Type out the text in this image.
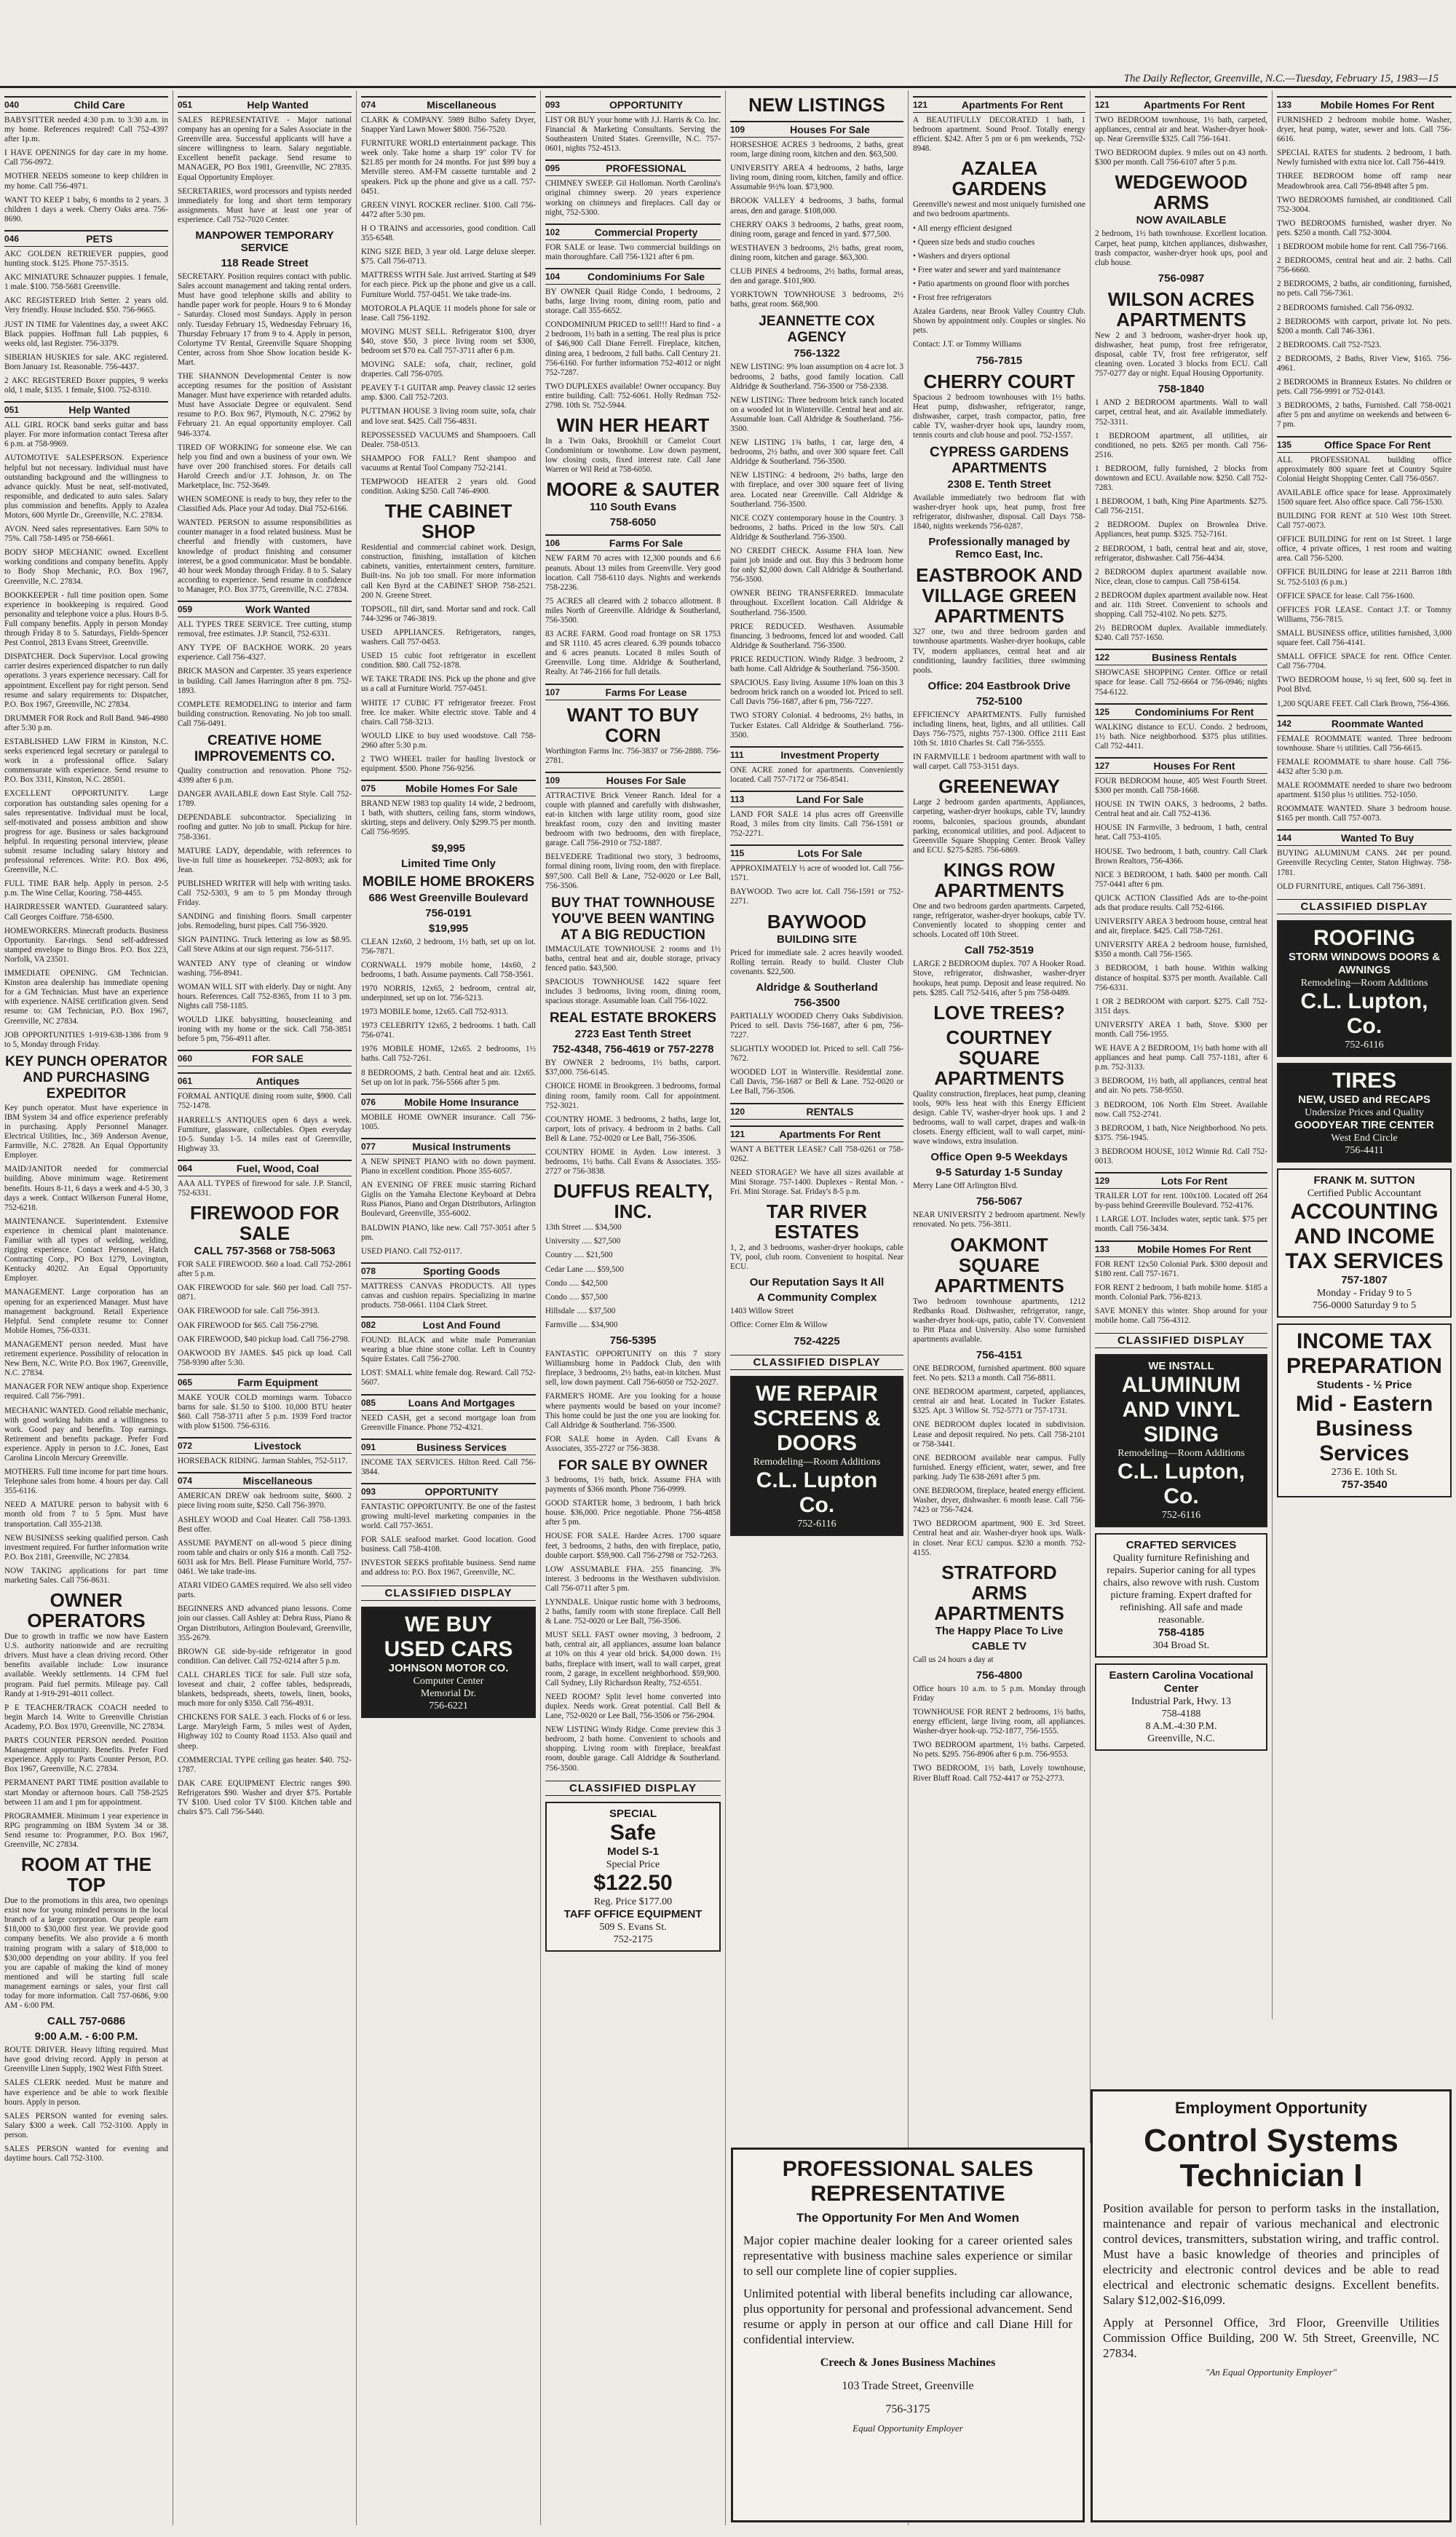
The Daily Reflector, Greenville, N.C.—Tuesday, February 15, 1983—15
040	Child Care
BABYSITTER needed 4:30 p.m. to 3:30 a.m. in my home. References required! Call 752-4397 after 1p.m.
I HAVE OPENINGS for day care in my home. Call 756-0972.
MOTHER NEEDS someone to keep children in my home. Call 756-4971.
WANT TO KEEP 1 baby, 6 months to 2 years. 3 children 1 days a week. Cherry Oaks area. 756-8690.
046	PETS
AKC GOLDEN RETRIEVER puppies, good hunting stock. $125. Phone 757-3515.
AKC MINIATURE Schnauzer puppies. 1 female, 1 male. $100. 758-5681 Greenville.
AKC REGISTERED Irish Setter. 2 years old. Very friendly. House included. $50. 756-9665.
JUST IN TIME for Valentines day, a sweet AKC Black puppies. Hoffman full Lab puppies, 6 weeks old, last Register. 756-3379.
SIBERIAN HUSKIES for sale. AKC registered. Born January 1st. Reasonable. 756-4437.
2 AKC REGISTERED Boxer puppies, 9 weeks old, 1 male, $135. 1 female, $100. 752-8310.
051	Help Wanted
ALL GIRL ROCK band seeks guitar and bass player. For more information contact Teresa after 6 p.m. at 758-9969.
AUTOMOTIVE SALESPERSON. Experience helpful but not necessary. Individual must have outstanding background and the willingness to advance quickly. Must be neat, self-motivated, responsible, and dedicated to auto sales. Salary plus commission and benefits. Apply to Azalea Motors, 600 Myrtle Dr., Greenville, N.C. 27834.
AVON. Need sales representatives. Earn 50% to 75%. Call 758-1495 or 758-6661.
BODY SHOP MECHANIC owned. Excellent working conditions and company benefits. Apply to Body Shop Mechanic, P.O. Box 1967, Greenville, N.C. 27834.
BOOKKEEPER - full time position open. Some experience in bookkeeping is required. Good personality and telephone voice a plus. Hours 8-5. Full company benefits. Apply in person Monday through Friday 8 to 5. Saturdays, Fields-Spencer Pest Control, 2813 Evans Street, Greenville.
DISPATCHER. Dock Supervisor. Local growing carrier desires experienced dispatcher to run daily operations. 3 years experience necessary. Call for appointment. Excellent pay for right person. Send resume and salary requirements to: Dispatcher, P.O. Box 1967, Greenville, NC 27834.
DRUMMER FOR Rock and Roll Band. 946-4980 after 5:30 p.m.
ESTABLISHED LAW FIRM in Kinston, N.C. seeks experienced legal secretary or paralegal to work in a professional office. Salary commensurate with experience. Send resume to P.O. Box 3311, Kinston, N.C. 28501.
EXCELLENT OPPORTUNITY. Large corporation has outstanding sales opening for a sales representative. Individual must be local, self-motivated and possess ambition and show progress for age. Business or sales background helpful. In requesting personal interview, please submit resume including salary history and professional references. Write: P.O. Box 496, Greenville, N.C.
FULL TIME BAR help. Apply in person. 2-5 p.m. The Wine Cellar, Kooring. 758-4455.
HAIRDRESSER WANTED. Guaranteed salary. Call Georges Coiffure. 758-6500.
HOMEWORKERS. Minecraft products. Business Opportunity. Ear-rings. Send self-addressed stamped envelope to Bingo Bros. P.O. Box 223, Norfolk, VA 23501.
IMMEDIATE OPENING. GM Technician. Kinston area dealership has immediate opening for a GM Technician. Must have an experience with experience. NAISE certification given. Send resume to: GM Technician, P.O. Box 1967, Greenville, NC 27834.
JOB OPPORTUNITIES 1-919-638-1386 from 9 to 5, Monday through Friday.
KEY PUNCH OPERATOR AND PURCHASING EXPEDITOR
Key punch operator. Must have experience in IBM System 34 and office experience preferably in purchasing. Apply Personnel Manager. Electrical Utilities, Inc., 369 Anderson Avenue, Farmville, N.C. 27828. An Equal Opportunity Employer.
MAID/JANITOR needed for commercial building. Above minimum wage. Retirement benefits. Hours 8-11, 6 days a week and 4-5 30, 3 days a week. Contact Wilkerson Funeral Home, 752-6218.
MAINTENANCE. Superintendent. Extensive experience in chemical plant maintenance. Familiar with all types of welding, welding, rigging experience. Contact Personnel, Hatch Contracting Corp., PO Box 1279, Lovington, Kentucky 40202. An Equal Opportunity Employer.
MANAGEMENT. Large corporation has an opening for an experienced Manager. Must have management background. Retail Experience Helpful. Send complete resume to: Conner Mobile Homes, 756-0331.
MANAGEMENT person needed. Must have retirement experience. Possibility of relocation in New Bern, N.C. Write P.O. Box 1967, Greenville, N.C. 27834.
MANAGER FOR NEW antique shop. Experience required. Call 756-7991.
MECHANIC WANTED. Good reliable mechanic, with good working habits and a willingness to work. Good pay and benefits. Top earnings. Retirement and benefits package. Prefer Ford experience. Apply in person to J.C. Jones, East Carolina Lincoln Mercury Greenville.
MOTHERS. Full time income for part time hours. Telephone sales from home. 4 hours per day. Call 355-6116.
NEED A MATURE person to babysit with 6 month old from 7 to 5 5pm. Must have transportation. Call 355-2138.
NEW BUSINESS seeking qualified person. Cash investment required. For further information write P.O. Box 2181, Greenville, NC 27834.
NOW TAKING applications for part time marketing Sales. Call 756-8631.
OWNER OPERATORS
Due to growth in traffic we now have Eastern U.S. authority nationwide and are recruiting drivers. Must have a clean driving record. Other benefits available include: Low insurance available. Weekly settlements. 14 CFM fuel program. Paid fuel permits. Mileage pay. Call Randy at 1-919-291-4011 collect.
P E TEACHER/TRACK COACH needed to begin March 14. Write to Greenville Christian Academy, P.O. Box 1970, Greenville, NC 27834.
PARTS COUNTER PERSON needed. Position Management opportunity. Benefits. Prefer Ford experience. Apply to: Parts Counter Person, P.O. Box 1967, Greenville, N.C. 27834.
PERMANENT PART TIME position available to start Monday or afternoon hours. Call 758-2525 between 11 am and 1 pm for appointment.
PROGRAMMER. Minimum 1 year experience in RPG programming on IBM System 34 or 38. Send resume to: Programmer, P.O. Box 1967, Greenville, NC 27834.
ROOM AT THE TOP
Due to the promotions in this area, two openings exist now for young minded persons in the local branch of a large corporation. Our people earn $18,000 to $30,000 first year. We provide good company benefits. We also provide a 6 month training program with a salary of $18,000 to $30,000 depending on your ability. If you feel you are capable of making the kind of money mentioned and will be starting full scale management earnings or sales, your first call today for more information. Call 757-0686, 9:00 AM - 6:00 PM.
CALL 757-0686
9:00 A.M. - 6:00 P.M.
ROUTE DRIVER. Heavy lifting required. Must have good driving record. Apply in person at Greenville Linen Supply, 1902 West Fifth Street.
SALES CLERK needed. Must be mature and have experience and be able to work flexible hours. Apply in person.
SALES PERSON wanted for evening sales. Salary $300 a week. Call 752-3100. Apply in person.
SALES PERSON wanted for evening and daytime hours. Call 752-3100.
051	Help Wanted
SALES REPRESENTATIVE - Major national company has an opening for a Sales Associate in the Greenville area. Successful applicants will have a sincere willingness to learn. Salary negotiable. Excellent benefit package. Send resume to MANAGER, PO Box 1981, Greenville, NC 27835. Equal Opportunity Employer.
SECRETARIES, word processors and typists needed immediately for long and short term temporary assignments. Must have at least one year of experience. Call 752-7020 Center.
MANPOWER TEMPORARY SERVICE
118 Reade Street
SECRETARY. Position requires contact with public. Sales account management and taking rental orders. Must have good telephone skills and ability to handle paper work for people. Hours 9 to 6 Monday - Saturday. Closed most Sundays. Apply in person only. Tuesday February 15, Wednesday February 16, Thursday February 17 from 9 to 4. Apply in person, Colortyme TV Rental, Greenville Square Shopping Center, across from Shoe Show location beside K-Mart.
THE SHANNON Developmental Center is now accepting resumes for the position of Assistant Manager. Must have experience with retarded adults. Must have Associate Degree or equivalent. Send resume to P.O. Box 967, Plymouth, N.C. 27962 by February 21. An equal opportunity employer. Call 946-3374.
TIRED OF WORKING for someone else. We can help you find and own a business of your own. We have over 200 franchised stores. For details call Harold Creech and/or J.T. Johnson, Jr. on The Marketplace, Inc. 752-3649.
WHEN SOMEONE is ready to buy, they refer to the Classified Ads. Place your Ad today. Dial 752-6166.
WANTED. PERSON to assume responsibilities as counter manager in a food related business. Must be cheerful and friendly with customers, have knowledge of product finishing and consumer interest, be a good communicator. Must be bondable. 40 hour week Monday through Friday. 8 to 5. Salary according to experience. Send resume in confidence to Manager, P.O. Box 3775, Greenville, N.C. 27834.
059	Work Wanted
ALL TYPES TREE SERVICE. Tree cutting, stump removal, free estimates. J.P. Stancil, 752-6331.
ANY TYPE OF BACKHOE WORK. 20 years experience. Call 756-4327.
BRICK MASON and Carpenter. 35 years experience in building. Call James Harrington after 8 pm. 752-1893.
COMPLETE REMODELING to interior and farm building construction. Renovating. No job too small. Call 756-0491.
CREATIVE HOME IMPROVEMENTS CO.
Quality construction and renovation. Phone 752-4399 after 6 p.m.
DANGER AVAILABLE down East Style. Call 752-1789.
DEPENDABLE subcontractor. Specializing in roofing and gutter. No job to small. Pickup for hire. 758-3361.
MATURE LADY, dependable, with references to live-in full time as housekeeper. 752-8093; ask for Jean.
PUBLISHED WRITER will help with writing tasks. Call 752-5303, 9 am to 5 pm Monday through Friday.
SANDING and finishing floors. Small carpenter jobs. Remodeling, burst pipes. Call 756-3920.
SIGN PAINTING. Truck lettering as low as $8.95. Call Steve Atkins at our sign request. 756-5117.
WANTED ANY type of cleaning or window washing. 756-8941.
WOMAN WILL SIT with elderly. Day or night. Any hours. References. Call 752-8365, from 11 to 3 pm. Nights call 758-1185.
WOULD LIKE babysitting, housecleaning and ironing with my home or the sick. Call 758-3851 before 5 pm, 756-4911 after.
060	FOR SALE
061	Antiques
FORMAL ANTIQUE dining room suite, $900. Call 752-1478.
HARRELL'S ANTIQUES open 6 days a week. Furniture, glassware, collectables. Open everyday 10-5. Sunday 1-5. 14 miles east of Greenville, Highway 33.
064	Fuel, Wood, Coal
AAA ALL TYPES of firewood for sale. J.P. Stancil, 752-6331.
FIREWOOD FOR SALE
CALL 757-3568 or 758-5063
FOR SALE FIREWOOD. $60 a load. Call 752-2861 after 5 p.m.
OAK FIREWOOD for sale. $60 per load. Call 757-0871.
OAK FIREWOOD for sale. Call 756-3913.
OAK FIREWOOD for $65. Call 756-2798.
OAK FIREWOOD, $40 pickup load. Call 756-2798.
OAKWOOD BY JAMES. $45 pick up load. Call 758-9390 after 5:30.
065	Farm Equipment
MAKE YOUR COLD mornings warm. Tobacco barns for sale. $1.50 to $100. 10,000 BTU heater $60. Call 758-3711 after 5 p.m. 1939 Ford tractor with plow $1500. 756-6316.
072	Livestock
HORSEBACK RIDING. Jarman Stables, 752-5117.
074	Miscellaneous
AMERICAN DREW oak bedroom suite, $600. 2 piece living room suite, $250. Call 756-3970.
ASHLEY WOOD and Coal Heater. Call 758-1393. Best offer.
ASSUME PAYMENT on all-wood 5 piece dining room table and chairs or only $16 a month. Call 752-6031 ask for Mrs. Bell. Please Furniture World, 757-0461. We take trade-ins.
ATARI VIDEO GAMES required. We also sell video parts.
BEGINNERS AND advanced piano lessons. Come join our classes. Call Ashley at: Debra Russ, Piano & Organ Distributors, Arlington Boulevard, Greenville, 355-2679.
BROWN GE side-by-side refrigerator in good condition. Can deliver. Call 752-0214 after 5 p.m.
CALL CHARLES TICE for sale. Full size sofa, loveseat and chair, 2 coffee tables, bedspreads, blankets, bedspreads, sheets, towels, linen, books, much more for only $350. Call 756-4931.
CHICKENS FOR SALE. 3 each. Flocks of 6 or less. Large. Maryleigh Farm, 5 miles west of Ayden, Highway 102 to County Road 1153. Also quail and sheep.
COMMERCIAL TYPE ceiling gas heater. $40. 752-1787.
DAK CARE EQUIPMENT Electric ranges $90. Refrigerators $90. Washer and dryer $75. Portable TV $100. Used color TV $100. Kitchen table and chairs $75. Call 756-5440.
074	Miscellaneous
CLARK & COMPANY. 5989 Bilbo Safety Dryer, Snapper Yard Lawn Mower $800. 756-7520.
FURNITURE WORLD entertainment package. This week only. Take home a sharp 19" color TV for $21.85 per month for 24 months. For just $99 buy a Metville stereo. AM-FM cassette turntable and 2 speakers. Pick up the phone and give us a call. 757-0451.
GREEN VINYL ROCKER recliner. $100. Call 756-4472 after 5:30 pm.
H O TRAINS and accessories, good condition. Call 355-6548.
KING SIZE BED, 3 year old. Large deluxe sleeper. $75. Call 756-0713.
MATTRESS WITH Sale. Just arrived. Starting at $49 for each piece. Pick up the phone and give us a call. Furniture World. 757-0451. We take trade-ins.
MOTOROLA PLAQUE 11 models phone for sale or lease. Call 756-1192.
MOVING MUST SELL. Refrigerator $100, dryer $40, stove $50, 3 piece living room set $300, bedroom set $70 ea. Call 757-3711 after 6 p.m.
MOVING SALE: sofa, chair, recliner, gold draperies. Call 756-0705.
PEAVEY T-1 GUITAR amp. Peavey classic 12 series amp. $300. Call 752-7203.
PUTTMAN HOUSE 3 living room suite, sofa, chair and love seat. $425. Call 756-4831.
REPOSSESSED VACUUMS and Shampooers. Call Dealer. 758-0513.
SHAMPOO FOR FALL? Rent shampoo and vacuums at Rental Tool Company 752-2141.
TEMPWOOD HEATER 2 years old. Good condition. Asking $250. Call 746-4900.
THE CABINET SHOP
Residential and commercial cabinet work. Design, construction, finishing, installation of kitchen cabinets, vanities, entertainment centers, furniture. Built-ins. No job too small. For more information call Ken Byrd at the CABINET SHOP. 758-2521. 200 N. Greene Street.
TOPSOIL, fill dirt, sand. Mortar sand and rock. Call 744-3296 or 746-3819.
USED APPLIANCES. Refrigerators, ranges, washers. Call 757-0453.
USED 15 cubic foot refrigerator in excellent condition. $80. Call 752-1878.
WE TAKE TRADE INS. Pick up the phone and give us a call at Furniture World. 757-0451.
WHITE 17 CUBIC FT refrigerator freezer. Frost free. Ice maker. White electric stove. Table and 4 chairs. Call 758-3213.
WOULD LIKE to buy used woodstove. Call 758-2960 after 5:30 p.m.
2 TWO WHEEL trailer for hauling livestock or equipment. $500. Phone 756-9256.
075	Mobile Homes For Sale
BRAND NEW 1983 top quality 14 wide, 2 bedroom, 1 bath, with shutters, ceiling fans, storm windows, skirting, steps and delivery. Only $299.75 per month. Call 756-9595.
$9,995
Limited Time Only
MOBILE HOME BROKERS
686 West Greenville Boulevard
756-0191
$19,995
CLEAN 12x60, 2 bedroom, 1½ bath, set up on lot. 756-7871.
CORNWALL 1979 mobile home, 14x60, 2 bedrooms, 1 bath. Assume payments. Call 758-3561.
1970 NORRIS, 12x65, 2 bedroom, central air, underpinned, set up on lot. 756-5213.
1973 MOBILE home, 12x65. Call 752-9313.
1973 CELEBRITY 12x65, 2 bedrooms. 1 bath. Call 756-0741.
1976 MOBILE HOME, 12x65. 2 bedrooms, 1½ baths. Call 752-7261.
8 BEDROOMS, 2 bath. Central heat and air. 12x65. Set up on lot in park. 756-5566 after 5 pm.
076	Mobile Home Insurance
MOBILE HOME OWNER insurance. Call 756-1005.
077	Musical Instruments
A NEW SPINET PIANO with no down payment. Piano in excellent condition. Phone 355-6057.
AN EVENING OF FREE music starring Richard Giglis on the Yamaha Electone Keyboard at Debra Russ Pianos, Piano and Organ Distributors, Arlington Boulevard, Greenville, 355-6002.
BALDWIN PIANO, like new. Call 757-3051 after 5 pm.
USED PIANO. Call 752-0117.
078	Sporting Goods
MATTRESS CANVAS PRODUCTS. All types canvas and cushion repairs. Specializing in marine products. 758-0661. 1104 Clark Street.
082	Lost And Found
FOUND: BLACK and white male Pomeranian wearing a blue rhine stone collar. Left in Country Squire Estates. Call 756-2700.
LOST: SMALL white female dog. Reward. Call 752-5607.
085	Loans And Mortgages
NEED CASH, get a second mortgage loan from Greenville Finance. Phone 752-4321.
091	Business Services
INCOME TAX SERVICES. Hilton Reed. Call 756-3844.
093	OPPORTUNITY
FANTASTIC OPPORTUNITY. Be one of the fastest growing multi-level marketing companies in the world. Call 757-3651.
FOR SALE seafood market. Good location. Good business. Call 758-4108.
INVESTOR SEEKS profitable business. Send name and address to: P.O. Box 1967, Greenville, NC.
CLASSIFIED DISPLAY
WE BUY
USED CARS
JOHNSON MOTOR CO.
Computer Center
Memorial Dr.
756-6221
093	OPPORTUNITY
LIST OR BUY your home with J.J. Harris & Co. Inc. Financial & Marketing Consultants. Serving the Southeastern United States. Greenville, N.C. 757-0601, nights 752-4513.
095	PROFESSIONAL
CHIMNEY SWEEP. Gil Holloman. North Carolina's original chimney sweep. 20 years experience working on chimneys and fireplaces. Call day or night, 752-5300.
102	Commercial Property
FOR SALE or lease. Two commercial buildings on main thoroughfare. Call 756-1321 after 6 pm.
104	Condominiums For Sale
BY OWNER Quail Ridge Condo, 1 bedrooms, 2 baths, large living room, dining room, patio and storage. Call 355-6652.
CONDOMINIUM PRICED to sell!!! Hard to find - a 2 bedroom, 1½ bath in a setting. The real plus is price of $46,900 Call Diane Ferrell. Fireplace, kitchen, dining area, 1 bedroom, 2 full baths. Call Century 21. 756-6160. For further information 752-4012 or night 752-7287.
TWO DUPLEXES available! Owner occupancy. Buy entire building. Call: 752-6061. Holly Redman 752-2798. 10th St. 752-5944.
WIN HER HEART
In a Twin Oaks, Brookhill or Camelot Court Condominium or townhome. Low down payment, low closing costs, fixed interest rate. Call Jane Warren or Wil Reid at 758-6050.
MOORE & SAUTER
110 South Evans
758-6050
106	Farms For Sale
NEW FARM 70 acres with 12,300 pounds and 6.6 peanuts. About 13 miles from Greenville. Very good location. Call 758-6110 days. Nights and weekends 758-2236.
75 ACRES all cleared with 2 tobacco allotment. 8 miles North of Greenville. Aldridge & Southerland, 756-3500.
83 ACRE FARM. Good road frontage on SR 1753 and SR 1110. 45 acres cleared. 6.39 pounds tobacco and 6 acres peanuts. Located 8 miles South of Greenville. Long time. Aldridge & Southerland, Realty. At 746-2166 for full details.
107	Farms For Lease
WANT TO BUY CORN
Worthington Farms Inc. 756-3837 or 756-2888. 756-2781.
109	Houses For Sale
ATTRACTIVE Brick Veneer Ranch. Ideal for a couple with planned and carefully with dishwasher, eat-in kitchen with large utility room, good size breakfast room, cozy den and inviting master bedroom with two bedrooms, den with fireplace, garage. Call 756-2910 or 752-1887.
BELVEDERE Traditional two story, 3 bedrooms, formal dining room, living room, den with fireplace. $97,500. Call Bell & Lane, 752-0020 or Lee Ball, 756-3506.
BUY THAT TOWNHOUSE YOU'VE BEEN WANTING AT A BIG REDUCTION
IMMACULATE TOWNHOUSE 2 rooms and 1½ baths, central heat and air, double storage, privacy fenced patio. $43,500.
SPACIOUS TOWNHOUSE 1422 square feet includes 3 bedrooms, living room, dining room, spacious storage. Assumable loan. Call 756-1022.
REAL ESTATE BROKERS
2723 East Tenth Street
752-4348, 756-4619 or 757-2278
BY OWNER 2 bedrooms, 1½ baths, carport. $37,000. 756-6145.
CHOICE HOME in Brookgreen. 3 bedrooms, formal dining room, family room. Call for appointment. 752-3021.
COUNTRY HOME. 3 bedrooms, 2 baths, large lot, carport, lots of privacy. 4 bedroom in 2 baths. Call Bell & Lane. 752-0020 or Lee Ball, 756-3506.
COUNTRY HOME in Ayden. Low interest. 3 bedrooms, 1½ baths. Call Evans & Associates. 355-2727 or 756-3838.
DUFFUS REALTY, INC.
13th Street ..... $34,500
University ..... $27,500
Country ..... $21,500
Cedar Lane ..... $59,500
Condo ..... $42,500
Condo ..... $57,500
Hillsdale ..... $37,500
Farmville ..... $34,900
756-5395
FANTASTIC OPPORTUNITY on this 7 story Williamsburg home in Paddock Club, den with fireplace, 3 bedrooms, 2½ baths, eat-in kitchen. Must sell, low down payment. Call 756-6050 or 752-2027.
FARMER'S HOME. Are you looking for a house where payments would be based on your income? This home could be just the one you are looking for. Call Aldridge & Southerland. 756-3500.
FOR SALE home in Ayden. Call Evans & Associates, 355-2727 or 756-3838.
FOR SALE BY OWNER
3 bedrooms, 1½ bath, brick. Assume FHA with payments of $366 month. Phone 756-0999.
GOOD STARTER home, 3 bedroom, 1 bath brick house. $36,000. Price negotiable. Phone 756-4858 after 5 pm.
HOUSE FOR SALE. Hardee Acres. 1700 square feet, 3 bedrooms, 2 baths, den with fireplace, patio, double carport. $59,900. Call 756-2798 or 752-7263.
LOW ASSUMABLE FHA. 255 financing. 3% interest. 3 bedrooms in the Westhaven subdivision. Call 756-0711 after 5 pm.
LYNNDALE. Unique rustic home with 3 bedrooms, 2 baths, family room with stone fireplace. Call Bell & Lane. 752-0020 or Lee Ball, 756-3506.
MUST SELL FAST owner moving, 3 bedroom, 2 bath, central air, all appliances, assume loan balance at 10% on this 4 year old brick. $4,000 down. 1½ baths, fireplace with insert, wall to wall carpet, great room, 2 garage, in excellent neighborhood. $59,900. Call Sydney, Lily Richardson Realty, 752-6551.
NEED ROOM? Split level home converted into duplex. Needs work. Great potential. Call Bell & Lane, 752-0020 or Lee Ball, 756-3506 or 756-2904.
NEW LISTING Windy Ridge. Come preview this 3 bedroom, 2 bath home. Convenient to schools and shopping. Living room with fireplace, breakfast room, double garage. Call Aldridge & Southerland. 756-3500.
CLASSIFIED DISPLAY
SPECIAL
Safe
Model S-1
Special Price
$122.50
Reg. Price $177.00
TAFF OFFICE EQUIPMENT
509 S. Evans St.
752-2175
NEW LISTINGS
109	Houses For Sale
HORSESHOE ACRES 3 bedrooms, 2 baths, great room, large dining room, kitchen and den. $63,500.
UNIVERSITY AREA 4 bedrooms, 2 baths, large living room, dining room, kitchen, family and office. Assumable 9½% loan. $73,900.
BROOK VALLEY 4 bedrooms, 3 baths, formal areas, den and garage. $108,000.
CHERRY OAKS 3 bedrooms, 2 baths, great room, dining room, garage and fenced in yard. $77,500.
WESTHAVEN 3 bedrooms, 2½ baths, great room, dining room, kitchen and garage. $63,300.
CLUB PINES 4 bedrooms, 2½ baths, formal areas, den and garage. $101,900.
YORKTOWN TOWNHOUSE 3 bedrooms, 2½ baths, great room. $68,900.
JEANNETTE COX AGENCY
756-1322
NEW LISTING: 9% loan assumption on 4 acre lot. 3 bedrooms, 2 baths, good family location. Call Aldridge & Southerland. 756-3500 or 758-2338.
NEW LISTING: Three bedroom brick ranch located on a wooded lot in Winterville. Central heat and air. Assumable loan. Call Aldridge & Southerland. 756-3500.
NEW LISTING 1¾ baths, 1 car, large den, 4 bedrooms, 2½ baths, and over 300 square feet. Call Aldridge & Southerland. 756-3500.
NEW LISTING: 4 bedroom, 2½ baths, large den with fireplace, and over 300 square feet of living area. Located near Greenville. Call Aldridge & Southerland. 756-3500.
NICE COZY contemporary house in the Country. 3 bedrooms, 2 baths. Priced in the low 50's. Call Aldridge & Southerland. 756-3500.
NO CREDIT CHECK. Assume FHA loan. New paint job inside and out. Buy this 3 bedroom home for only $2,000 down. Call Aldridge & Southerland. 756-3500.
OWNER BEING TRANSFERRED. Immaculate throughout. Excellent location. Call Aldridge & Southerland. 756-3500.
PRICE REDUCED. Westhaven. Assumable financing. 3 bedrooms, fenced lot and wooded. Call Aldridge & Southerland. 756-3500.
PRICE REDUCTION. Windy Ridge. 3 bedroom, 2 bath home. Call Aldridge & Southerland. 756-3500.
SPACIOUS. Easy living. Assume 10% loan on this 3 bedroom brick ranch on a wooded lot. Priced to sell. Call Davis 756-1687, after 6 pm, 756-7227.
TWO STORY Colonial. 4 bedrooms, 2½ baths, in Tucker Estates. Call Aldridge & Southerland. 756-3500.
111	Investment Property
ONE ACRE zoned for apartments. Conveniently located. Call 757-7172 or 756-8541.
113	Land For Sale
LAND FOR SALE 14 plus acres off Greenville Road, 3 miles from city limits. Call 756-1591 or 752-2271.
115	Lots For Sale
APPROXIMATELY ½ acre of wooded lot. Call 756-1571.
BAYWOOD. Two acre lot. Call 756-1591 or 752-2271.
BAYWOOD
BUILDING SITE
Priced for immediate sale. 2 acres heavily wooded. Rolling terrain. Ready to build. Cluster Club covenants. $22,500.
Aldridge & Southerland
756-3500
PARTIALLY WOODED Cherry Oaks Subdivision. Priced to sell. Davis 756-1687, after 6 pm, 756-7227.
SLIGHTLY WOODED lot. Priced to sell. Call 756-7672.
WOODED LOT in Winterville. Residential zone. Call Davis, 756-1687 or Bell & Lane. 752-0020 or Lee Ball, 756-3506.
120	RENTALS
121	Apartments For Rent
WANT A BETTER LEASE? Call 758-0261 or 758-0262.
NEED STORAGE? We have all sizes available at Mini Storage. 757-1400. Duplexes - Rental Mon. - Fri. Mini Storage. Sat. Friday's 8-5 p.m.
TAR RIVER ESTATES
1, 2, and 3 bedrooms, washer-dryer hookups, cable TV, pool, club room. Convenient to hospital. Near ECU.
Our Reputation Says It All
A Community Complex
1403 Willow Street
Office: Corner Elm & Willow
752-4225
CLASSIFIED DISPLAY
WE REPAIR
SCREENS & DOORS
Remodeling—Room Additions
C.L. Lupton Co.
752-6116
121	Apartments For Rent
A BEAUTIFULLY DECORATED 1 bath, 1 bedroom apartment. Sound Proof. Totally energy efficient. $242. After 5 pm or 6 pm weekends, 752-8948.
AZALEA GARDENS
Greenville's newest and most uniquely furnished one and two bedroom apartments.
• All energy efficient designed
• Queen size beds and studio couches
• Washers and dryers optional
• Free water and sewer and yard maintenance
• Patio apartments on ground floor with porches
• Frost free refrigerators
Azalea Gardens, near Brook Valley Country Club. Shown by appointment only. Couples or singles. No pets.
Contact: J.T. or Tommy Williams
756-7815
CHERRY COURT
Spacious 2 bedroom townhouses with 1½ baths. Heat pump, dishwasher, refrigerator, range, dishwasher, carpet, trash compactor, patio, free cable TV, washer-dryer hook ups, laundry room, tennis courts and club house and pool. 752-1557.
CYPRESS GARDENS APARTMENTS
2308 E. Tenth Street
Available immediately two bedroom flat with washer-dryer hook ups, heat pump, frost free refrigerator, dishwasher, disposal. Call Days 758-1840, nights weekends 756-0287.
Professionally managed by Remco East, Inc.
EASTBROOK AND VILLAGE GREEN APARTMENTS
327 one, two and three bedroom garden and townhouse apartments. Washer-dryer hookups, cable TV, modern appliances, central heat and air conditioning, laundry facilities, three swimming pools.
Office: 204 Eastbrook Drive
752-5100
EFFICIENCY APARTMENTS. Fully furnished including linens, heat, lights, and all utilities. Call Days 756-7575, nights 757-1300. Office 2111 East 10th St. 1810 Charles St. Call 756-5555.
IN FARMVILLE 1 bedroom apartment with wall to wall carpet. Call 753-3151 days.
GREENEWAY
Large 2 bedroom garden apartments, Appliances, carpeting, washer-dryer hookups, cable TV, laundry rooms, balconies, spacious grounds, abundant parking, economical utilities, and pool. Adjacent to Greenville Square Shopping Center. Brook Valley and ECU. $275-$285. 756-6869.
KINGS ROW APARTMENTS
One and two bedroom garden apartments. Carpeted, range, refrigerator, washer-dryer hookups, cable TV. Conveniently located to shopping center and schools. Located off 10th Street.
Call 752-3519
LARGE 2 BEDROOM duplex. 707 A Hooker Road. Stove, refrigerator, dishwasher, washer-dryer hookups, heat pump. Deposit and lease required. No pets. $285. Call 752-5416, after 5 pm 758-0489.
LOVE TREES?
COURTNEY SQUARE APARTMENTS
Quality construction, fireplaces, heat pump, cleaning tools, 90% less heat with this Energy Efficient design. Cable TV, washer-dryer hook ups. 1 and 2 bedrooms, wall to wall carpet, drapes and walk-in closets. Energy efficient, wall to wall carpet, mini-wave windows, extra insulation.
Office Open 9-5 Weekdays
9-5 Saturday 1-5 Sunday
Merry Lane Off Arlington Blvd.
756-5067
NEAR UNIVERSITY 2 bedroom apartment. Newly renovated. No pets. 756-3811.
OAKMONT SQUARE APARTMENTS
Two bedroom townhouse apartments, 1212 Redbanks Road. Dishwasher, refrigerator, range, washer-dryer hook-ups, patio, cable TV. Convenient to Pitt Plaza and University. Also some furnished apartments available.
756-4151
ONE BEDROOM, furnished apartment. 800 square feet. No pets. $213 a month. Call 756-8811.
ONE BEDROOM apartment, carpeted, appliances, central air and heat. Located in Tucker Estates. $325. Apt. 3 Willow St. 752-5771 or 757-1731.
ONE BEDROOM duplex located in subdivision. Lease and deposit required. No pets. Call 758-2101 or 758-3441.
ONE BEDROOM available near campus. Fully furnished. Energy efficient, water, sewer, and free parking. Judy Tie 638-2691 after 5 pm.
ONE BEDROOM, fireplace, heated energy efficient. Washer, dryer, dishwasher. 6 month lease. Call 756-7423 or 756-7424.
TWO BEDROOM apartment, 900 E. 3rd Street. Central heat and air. Washer-dryer hook ups. Walk-in closet. Near ECU campus. $230 a month. 752-4155.
STRATFORD ARMS APARTMENTS
The Happy Place To Live
CABLE TV
Call us 24 hours a day at
756-4800
Office hours 10 a.m. to 5 p.m. Monday through Friday
TOWNHOUSE FOR RENT 2 bedrooms, 1½ baths, energy efficient, large living room, all appliances. Washer-dryer hook-up. 752-1877, 756-1555.
TWO BEDROOM apartment, 1½ baths. Carpeted. No pets. $295. 756-8906 after 6 p.m. 756-9553.
TWO BEDROOM, 1½ bath, Lovely townhouse, River Bluff Road. Call 752-4417 or 752-2773.
121	Apartments For Rent
TWO BEDROOM townhouse, 1½ bath, carpeted, appliances, central air and heat. Washer-dryer hook-up. Near Greenville $325. Call 756-1641.
TWO BEDROOM duplex. 9 miles out on 43 north. $300 per month. Call 756-6107 after 5 p.m.
WEDGEWOOD ARMS
NOW AVAILABLE
2 bedroom, 1½ bath townhouse. Excellent location. Carpet, heat pump, kitchen appliances, dishwasher, trash compactor, washer-dryer hook ups, pool and club house.
756-0987
WILSON ACRES APARTMENTS
New 2 and 3 bedroom, washer-dryer hook up, dishwasher, heat pump, frost free refrigerator, disposal, cable TV, frost free refrigerator, self cleaning oven. Located 3 blocks from ECU. Call 757-0277 day or night. Equal Housing Opportunity.
758-1840
1 AND 2 BEDROOM apartments. Wall to wall carpet, central heat, and air. Available immediately. 752-3311.
1 BEDROOM apartment, all utilities, air conditioned, no pets. $265 per month. Call 756-2516.
1 BEDROOM, fully furnished, 2 blocks from downtown and ECU. Available now. $250. Call 752-7283.
1 BEDROOM, 1 bath, King Pine Apartments. $275. Call 756-2151.
2 BEDROOM. Duplex on Brownlea Drive. Appliances, heat pump. $325. 752-7161.
2 BEDROOM, 1 bath, central heat and air, stove, refrigerator, dishwasher. Call 756-4434.
2 BEDROOM duplex apartment available now. Nice, clean, close to campus. Call 758-6154.
2 BEDROOM duplex apartment available now. Heat and air. 11th Street. Convenient to schools and shopping. Call 752-4102. No pets. $275.
2½ BEDROOM duplex. Available immediately. $240. Call 757-1650.
122	Business Rentals
SHOWCASE SHOPPING Center. Office or retail space for lease. Call 752-6664 or 756-0946; nights 754-6122.
125	Condominiums For Rent
WALKING distance to ECU. Condo. 2 bedroom, 1½ bath. Nice neighborhood. $375 plus utilities. Call 752-4411.
127	Houses For Rent
FOUR BEDROOM house, 405 West Fourth Street. $300 per month. Call 758-1668.
HOUSE IN TWIN OAKS, 3 bedrooms, 2 baths. Central heat and air. Call 752-4136.
HOUSE IN Farmville, 3 bedroom, 1 bath, central heat. Call 753-4105.
HOUSE. Two bedroom, 1 bath, country. Call Clark Brown Realtors, 756-4366.
NICE 3 BEDROOM, 1 bath. $400 per month. Call 757-0441 after 6 pm.
QUICK ACTION Classified Ads are to-the-point ads that produce results. Call 752-6166.
UNIVERSITY AREA 3 bedroom house, central heat and air, fireplace. $425. Call 758-7261.
UNIVERSITY AREA 2 bedroom house, furnished, $350 a month. Call 756-1565.
3 BEDROOM, 1 bath house. Within walking distance of hospital. $375 per month. Available. Call 756-6331.
1 OR 2 BEDROOM with carport. $275. Call 752-3151 days.
UNIVERSITY AREA 1 bath, Stove. $300 per month. Call 756-1955.
WE HAVE A 2 BEDROOM, 1½ bath home with all appliances and heat pump. Call 757-1181, after 6 p.m. 752-3133.
3 BEDROOM, 1½ bath, all appliances, central heat and air. No pets. 758-9550.
3 BEDROOM, 106 North Elm Street. Available now. Call 752-2741.
3 BEDROOM, 1 bath, Nice Neighborhood. No pets. $375. 756-1945.
3 BEDROOM HOUSE, 1012 Winnie Rd. Call 752-0013.
129	Lots For Rent
TRAILER LOT for rent. 100x100. Located off 264 by-pass behind Greenville Boulevard. 752-4176.
1 LARGE LOT. Includes water, septic tank. $75 per month. Call 756-3434.
133	Mobile Homes For Rent
FOR RENT 12x50 Colonial Park. $300 deposit and $180 rent. Call 757-1671.
FOR RENT 2 bedroom, 1 bath mobile home. $185 a month. Colonial Park. 756-8213.
SAVE MONEY this winter. Shop around for your mobile home. Call 756-4312.
CLASSIFIED DISPLAY
WE INSTALL
ALUMINUM AND VINYL SIDING
Remodeling—Room Additions
C.L. Lupton, Co.
752-6116
CRAFTED SERVICES
Quality furniture Refinishing and repairs. Superior caning for all types chairs, also rewove with rush. Custom picture framing. Expert drafted for refinishing. All safe and made reasonable.
758-4185
304 Broad St.
Eastern Carolina Vocational Center
Industrial Park, Hwy. 13
758-4188
8 A.M.-4:30 P.M.
Greenville, N.C.
133	Mobile Homes For Rent
FURNISHED 2 bedroom mobile home. Washer, dryer, heat pump, water, sewer and lots. Call 756-6616.
SPECIAL RATES for students. 2 bedroom, 1 bath. Newly furnished with extra nice lot. Call 756-4419.
THREE BEDROOM home off ramp near Meadowbrook area. Call 756-8948 after 5 pm.
TWO BEDROOMS furnished, air conditioned. Call 752-3004.
TWO BEDROOMS furnished, washer dryer. No pets. $250 a month. Call 752-3004.
1 BEDROOM mobile home for rent. Call 756-7166.
2 BEDROOMS, central heat and air. 2 baths. Call 756-6660.
2 BEDROOMS, 2 baths, air conditioning, furnished, no pets. Call 756-7361.
2 BEDROOMS furnished. Call 756-0932.
2 BEDROOMS with carport, private lot. No pets. $200 a month. Call 746-3361.
2 BEDROOMS. Call 752-7523.
2 BEDROOMS, 2 Baths, River View, $165. 756-4961.
2 BEDROOMS in Branneux Estates. No children or pets. Call 756-9991 or 752-0143.
3 BEDROOMS, 2 baths, Furnished. Call 758-0021 after 5 pm and anytime on weekends and between 6-7 pm.
135	Office Space For Rent
ALL PROFESSIONAL building office approximately 800 square feet at Country Squire Colonial Height Shopping Center. Call 756-0567.
AVAILABLE office space for lease. Approximately 1500 square feet. Also office space. Call 756-1530.
BUILDING FOR RENT at 510 West 10th Street. Call 757-0073.
OFFICE BUILDING for rent on 1st Street. 1 large office, 4 private offices, 1 rest room and waiting area. Call 756-5200.
OFFICE BUILDING for lease at 2211 Barron 18th St. 752-5103 (6 p.m.)
OFFICE SPACE for lease. Call 756-1600.
OFFICES FOR LEASE. Contact J.T. or Tommy Williams, 756-7815.
SMALL BUSINESS office, utilities furnished, 3,000 square feet. Call 756-4141.
SMALL OFFICE SPACE for rent. Office Center. Call 756-7704.
TWO BEDROOM house, ½ sq feet, 600 sq. feet in Pool Blvd.
1,200 SQUARE FEET. Call Clark Brown, 756-4366.
142	Roommate Wanted
FEMALE ROOMMATE wanted. Three bedroom townhouse. Share ½ utilities. Call 756-6615.
FEMALE ROOMMATE to share house. Call 756-4432 after 5:30 p.m.
MALE ROOMMATE needed to share two bedroom apartment. $150 plus ½ utilities. 752-1050.
ROOMMATE WANTED. Share 3 bedroom house. $165 per month. Call 757-0073.
144	Wanted To Buy
BUYING ALUMINUM CANS. 24¢ per pound. Greenville Recycling Center, Staton Highway. 758-1781.
OLD FURNITURE, antiques. Call 756-3891.
CLASSIFIED DISPLAY
ROOFING
STORM WINDOWS DOORS & AWNINGS
Remodeling—Room Additions
C.L. Lupton, Co.
752-6116
TIRES
NEW, USED and RECAPS
Undersize Prices and Quality
GOODYEAR TIRE CENTER
West End Circle
756-4411
FRANK M. SUTTON
Certified Public Accountant
ACCOUNTING AND INCOME TAX SERVICES
757-1807
Monday - Friday 9 to 5
756-0000 Saturday 9 to 5
INCOME TAX PREPARATION
Students - ½ Price
Mid - Eastern Business Services
2736 E. 10th St.
757-3540
PROFESSIONAL SALES REPRESENTATIVE
The Opportunity For Men And Women
Major copier machine dealer looking for a career oriented sales representative with business machine sales experience or similar to sell our complete line of copier supplies.
Unlimited potential with liberal benefits including car allowance, plus opportunity for personal and professional advancement. Send resume or apply in person at our office and call Diane Hill for confidential interview.
Creech & Jones Business Machines
103 Trade Street, Greenville
756-3175
Equal Opportunity Employer
Employment Opportunity
Control Systems
Technician I
Position available for person to perform tasks in the installation, maintenance and repair of various mechanical and electronic control devices, transmitters, substation wiring, and traffic control. Must have a basic knowledge of theories and principles of electricity and electronic control devices and be able to read electrical and electronic schematic designs. Excellent benefits. Salary $12,002-$16,099.
Apply at Personnel Office, 3rd Floor, Greenville Utilities Commission Office Building, 200 W. 5th Street, Greenville, NC 27834.
"An Equal Opportunity Employer"
